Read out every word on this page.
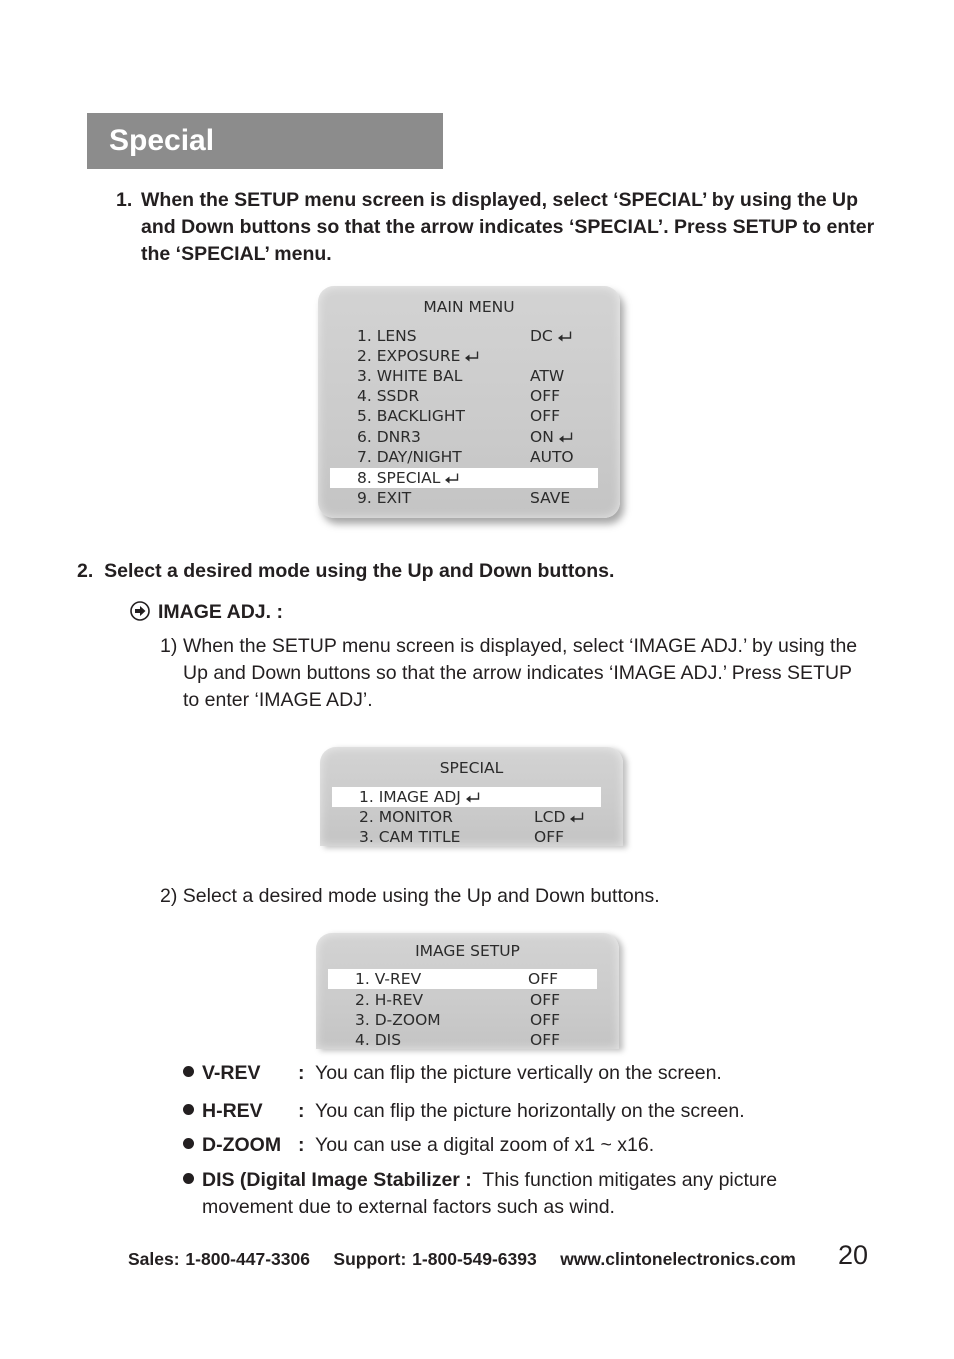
Special
1. When the SETUP menu screen is displayed, select ‘SPECIAL’ by using the Up and Down buttons so that the arrow indicates ‘SPECIAL’. Press SETUP to enter the ‘SPECIAL’ menu.
MAIN MENU
1. LENS	DC
2. EXPOSURE
3. WHITE BAL	ATW
4. SSDR	OFF
5. BACKLIGHT	OFF
6. DNR3	ON
7. DAY/NIGHT	AUTO
8. SPECIAL
9. EXIT	SAVE
2. Select a desired mode using the Up and Down buttons.
IMAGE ADJ. :
1) When the SETUP menu screen is displayed, select ‘IMAGE ADJ.’ by using the Up and Down buttons so that the arrow indicates ‘IMAGE ADJ.’ Press SETUP to enter ‘IMAGE ADJ’.
SPECIAL
1. IMAGE ADJ
2. MONITOR	LCD
3. CAM TITLE	OFF
2) Select a desired mode using the Up and Down buttons.
IMAGE SETUP
1. V-REV	OFF
2. H-REV	OFF
3. D-ZOOM	OFF
4. DIS	OFF
V-REV : You can flip the picture vertically on the screen.
H-REV : You can flip the picture horizontally on the screen.
D-ZOOM : You can use a digital zoom of x1 ~ x16.
DIS (Digital Image Stabilizer : This function mitigates any picture
movement due to external factors such as wind.
Sales: 1-800-447-3306 Support: 1-800-549-6393 www.clintonelectronics.com 20
